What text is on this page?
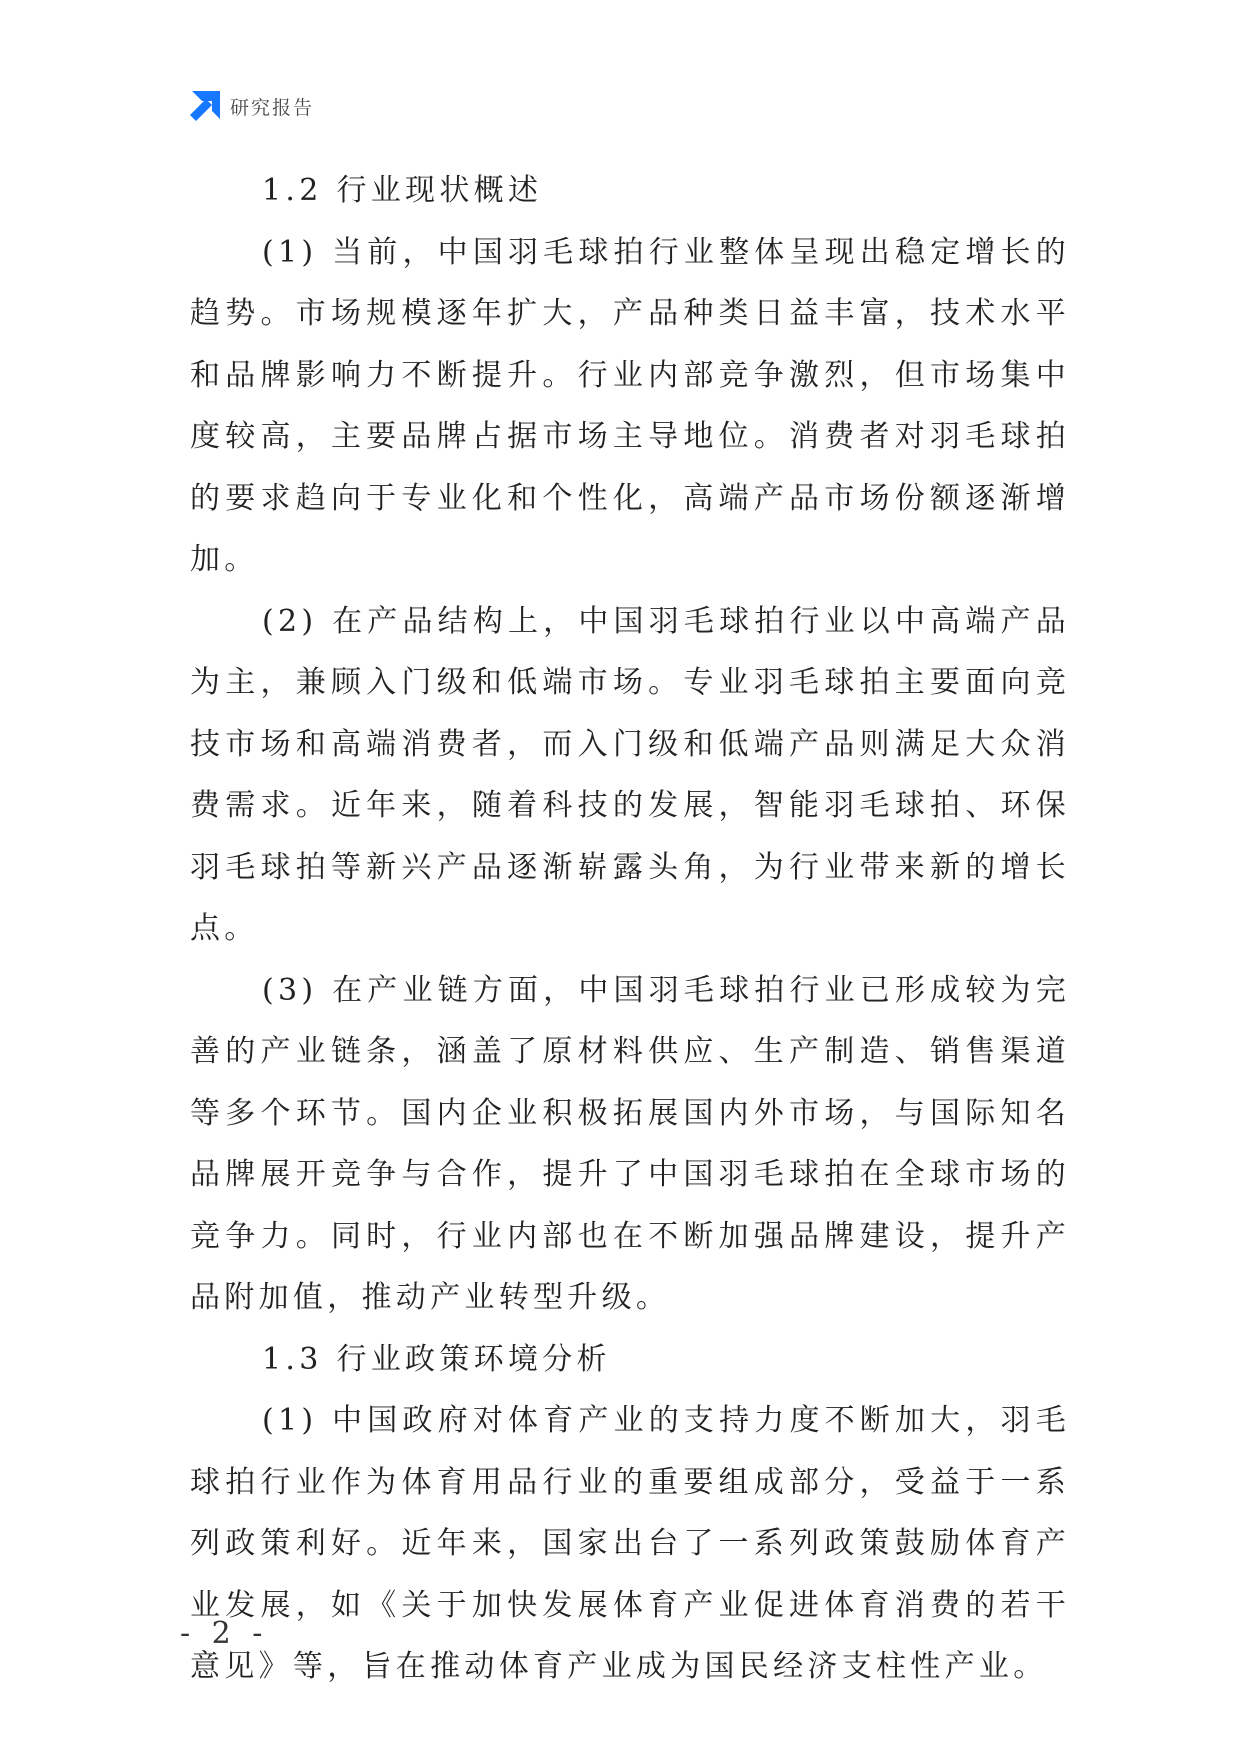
研究报告

1.2 行业现状概述

(1) 当前，中国羽毛球拍行业整体呈现出稳定增长的趋势。市场规模逐年扩大，产品种类日益丰富，技术水平和品牌影响力不断提升。行业内部竞争激烈，但市场集中度较高，主要品牌占据市场主导地位。消费者对羽毛球拍的要求趋向于专业化和个性化，高端产品市场份额逐渐增加。

(2) 在产品结构上，中国羽毛球拍行业以中高端产品为主，兼顾入门级和低端市场。专业羽毛球拍主要面向竞技市场和高端消费者，而入门级和低端产品则满足大众消费需求。近年来，随着科技的发展，智能羽毛球拍、环保羽毛球拍等新兴产品逐渐崭露头角，为行业带来新的增长点。

(3) 在产业链方面，中国羽毛球拍行业已形成较为完善的产业链条，涵盖了原材料供应、生产制造、销售渠道等多个环节。国内企业积极拓展国内外市场，与国际知名品牌展开竞争与合作，提升了中国羽毛球拍在全球市场的竞争力。同时，行业内部也在不断加强品牌建设，提升产品附加值，推动产业转型升级。

1.3 行业政策环境分析

(1) 中国政府对体育产业的支持力度不断加大，羽毛球拍行业作为体育用品行业的重要组成部分，受益于一系列政策利好。近年来，国家出台了一系列政策鼓励体育产业发展，如《关于加快发展体育产业促进体育消费的若干意见》等，旨在推动体育产业成为国民经济支柱性产业。

- 2 -
